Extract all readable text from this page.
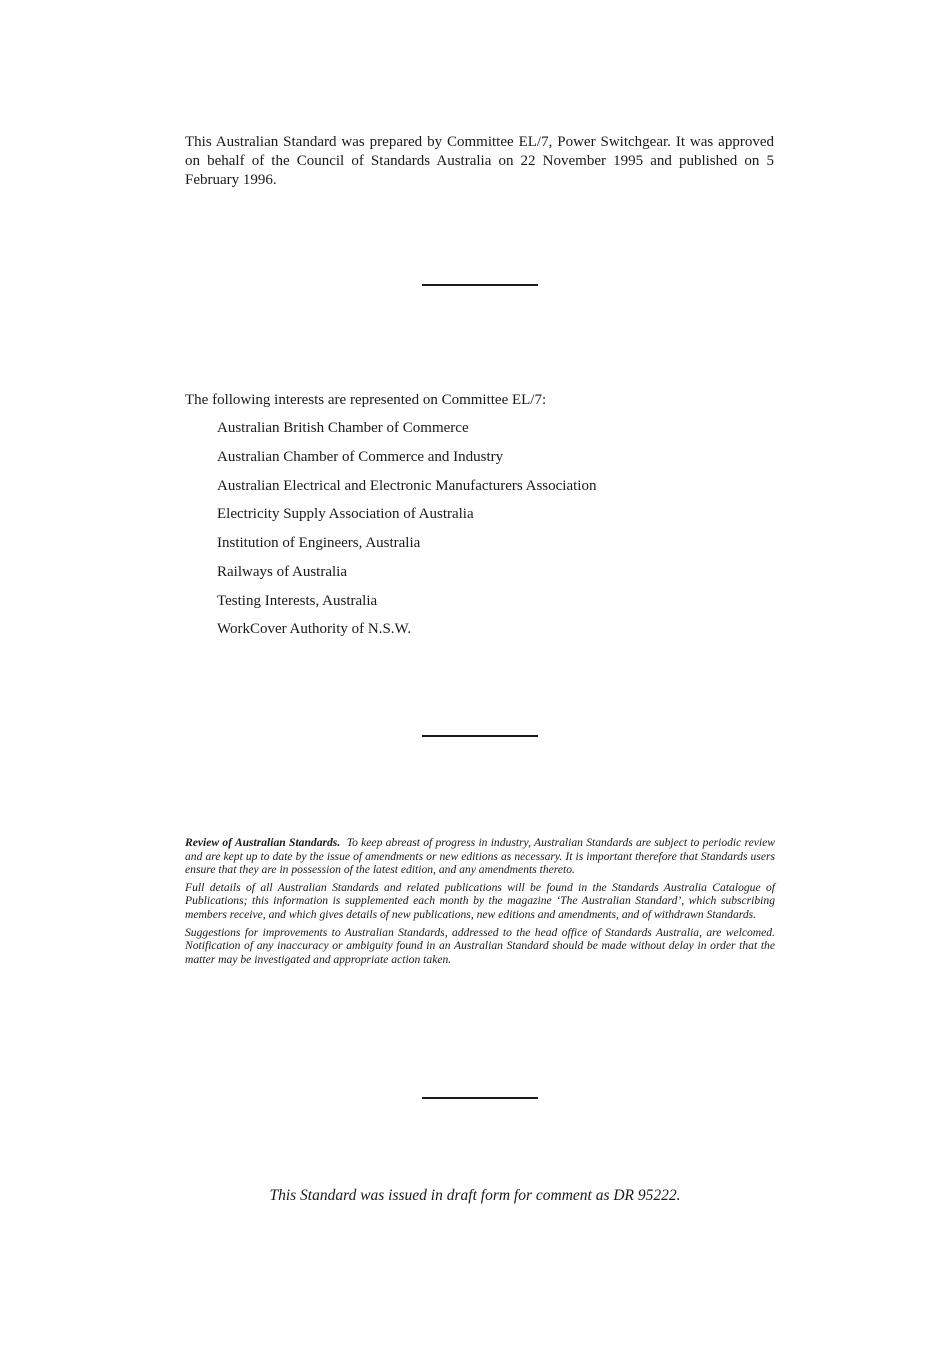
This Australian Standard was prepared by Committee EL/7, Power Switchgear. It was approved on behalf of the Council of Standards Australia on 22 November 1995 and published on 5 February 1996.

The following interests are represented on Committee EL/7:

Australian British Chamber of Commerce
Australian Chamber of Commerce and Industry
Australian Electrical and Electronic Manufacturers Association
Electricity Supply Association of Australia
Institution of Engineers, Australia
Railways of Australia
Testing Interests, Australia
WorkCover Authority of N.S.W.

Review of Australian Standards. To keep abreast of progress in industry, Australian Standards are subject to periodic review and are kept up to date by the issue of amendments or new editions as necessary. It is important therefore that Standards users ensure that they are in possession of the latest edition, and any amendments thereto.

Full details of all Australian Standards and related publications will be found in the Standards Australia Catalogue of Publications; this information is supplemented each month by the magazine ‘The Australian Standard’, which subscribing members receive, and which gives details of new publications, new editions and amendments, and of withdrawn Standards.

Suggestions for improvements to Australian Standards, addressed to the head office of Standards Australia, are welcomed. Notification of any inaccuracy or ambiguity found in an Australian Standard should be made without delay in order that the matter may be investigated and appropriate action taken.

This Standard was issued in draft form for comment as DR 95222.
